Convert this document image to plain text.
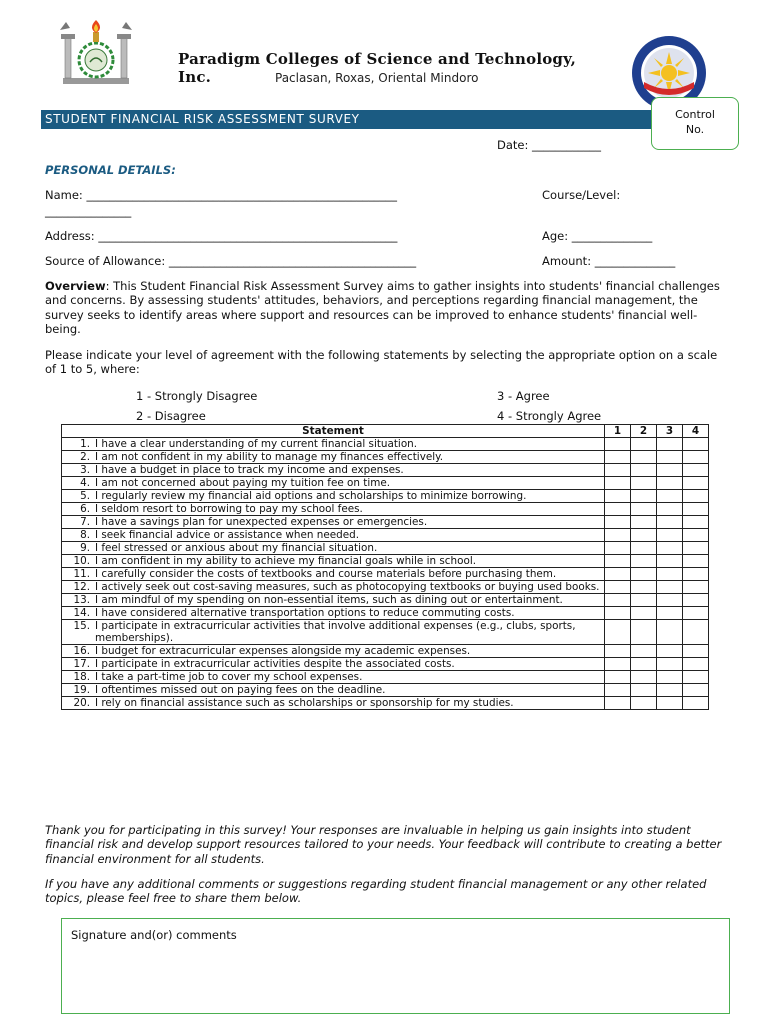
Paradigm Colleges of Science and Technology, Inc.	Paclasan, Roxas, Oriental Mindoro
STUDENT FINANCIAL RISK ASSESSMENT SURVEY	Control
No.
Date: ____________
PERSONAL DETAILS:
Name: ______________________________________________________	Course/Level:
_______________
Address: ____________________________________________________	Age: ______________
Source of Allowance: ___________________________________________	Amount: ______________
Overview: This Student Financial Risk Assessment Survey aims to gather insights into students' financial challenges and concerns. By assessing students' attitudes, behaviors, and perceptions regarding financial management, the survey seeks to identify areas where support and resources can be improved to enhance students' financial well-being.
Please indicate your level of agreement with the following statements by selecting the appropriate option on a scale of 1 to 5, where:
1 - Strongly Disagree
2 - Disagree
3 - Agree
4 - Strongly Agree
Statement	1	2	3	4

1. I have a clear understanding of my current financial situation.				

2. I am not confident in my ability to manage my finances effectively.				

3. I have a budget in place to track my income and expenses.				

4. I am not concerned about paying my tuition fee on time.				

5. I regularly review my financial aid options and scholarships to minimize borrowing.				

6. I seldom resort to borrowing to pay my school fees.				

7. I have a savings plan for unexpected expenses or emergencies.				

8. I seek financial advice or assistance when needed.				

9. I feel stressed or anxious about my financial situation.				

10. I am confident in my ability to achieve my financial goals while in school.				

11. I carefully consider the costs of textbooks and course materials before purchasing them.				

12. I actively seek out cost-saving measures, such as photocopying textbooks or buying used books.				

13. I am mindful of my spending on non-essential items, such as dining out or entertainment.				

14. I have considered alternative transportation options to reduce commuting costs.				

15. I participate in extracurricular activities that involve additional expenses (e.g., clubs, sports, memberships).				

16. I budget for extracurricular expenses alongside my academic expenses.				

17. I participate in extracurricular activities despite the associated costs.				

18. I take a part-time job to cover my school expenses.				

19. I oftentimes missed out on paying fees on the deadline.				

20. I rely on financial assistance such as scholarships or sponsorship for my studies.				

Thank you for participating in this survey! Your responses are invaluable in helping us gain insights into student financial risk and develop support resources tailored to your needs. Your feedback will contribute to creating a better financial environment for all students.
If you have any additional comments or suggestions regarding student financial management or any other related topics, please feel free to share them below.
Signature and(or) comments
